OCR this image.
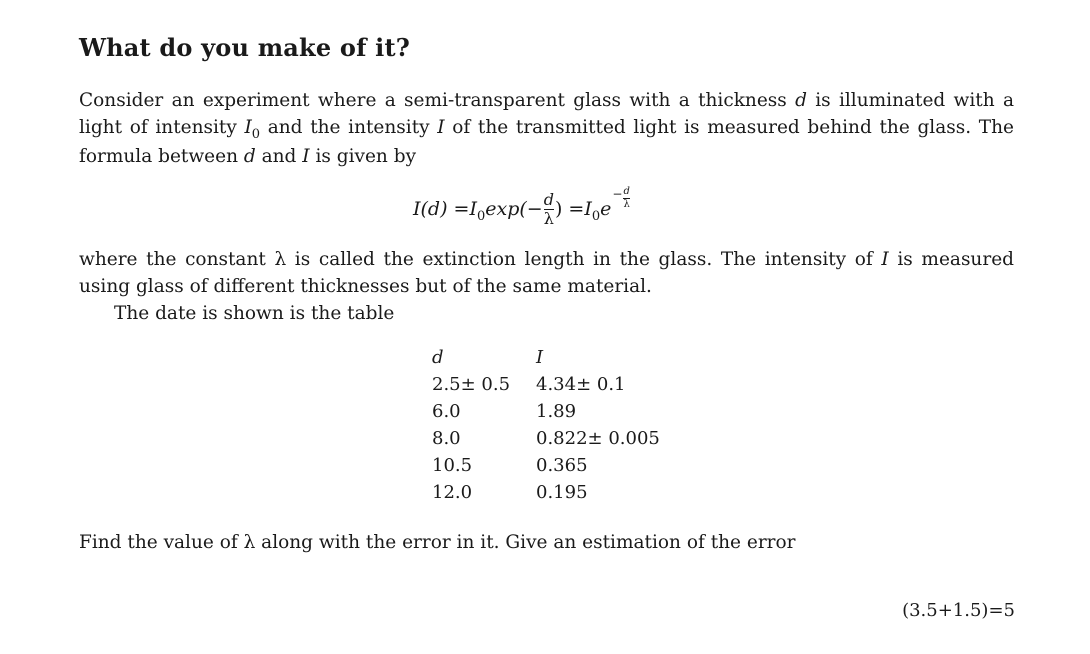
What do you make of it?
Consider an experiment where a semi-transparent glass with a thickness d is illuminated with a light of intensity $I_0$ and the intensity I of the transmitted light is measured behind the glass. The formula between d and I is given by
$I(d) = I_0$ $\exp(- \frac{d}{\lambda}$ ) = $I_0$ e
− $\frac{d}{\lambda}$
where the constant λ is called the extinction length in the glass. The intensity of I is measured using glass of different thicknesses but of the same material.
The date is shown is the table
d	I
2.5± 0.5	4.34± 0.1
6.0	1.89
8.0	0.822± 0.005
10.5	0.365
12.0	0.195
Find the value of λ along with the error in it. Give an estimation of the error
(3.5+1.5)=5
